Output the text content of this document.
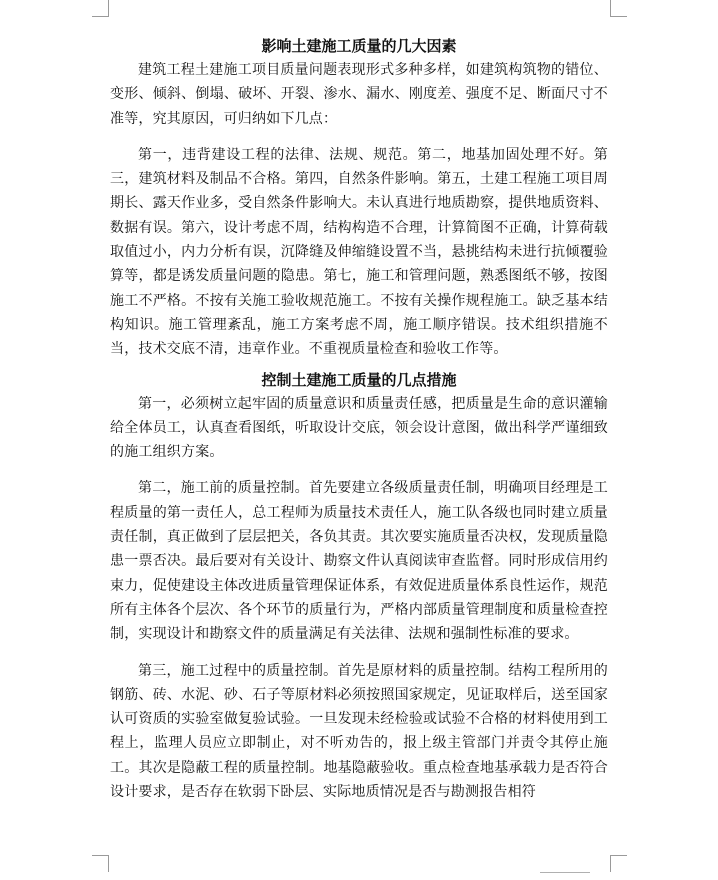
影响土建施工质量的几大因素

建筑工程土建施工项目质量问题表现形式多种多样，如建筑构筑物的错位、变形、倾斜、倒塌、破坏、开裂、渗水、漏水、刚度差、强度不足、断面尺寸不准等，究其原因，可归纳如下几点：

第一，违背建设工程的法律、法规、规范。第二，地基加固处理不好。第三，建筑材料及制品不合格。第四，自然条件影响。第五，土建工程施工项目周期长、露天作业多，受自然条件影响大。未认真进行地质勘察，提供地质资料、数据有误。第六，设计考虑不周，结构构造不合理，计算简图不正确，计算荷载取值过小，内力分析有误，沉降缝及伸缩缝设置不当，悬挑结构未进行抗倾覆验算等，都是诱发质量问题的隐患。第七，施工和管理问题，熟悉图纸不够，按图施工不严格。不按有关施工验收规范施工。不按有关操作规程施工。缺乏基本结构知识。施工管理紊乱，施工方案考虑不周，施工顺序错误。技术组织措施不当，技术交底不清，违章作业。不重视质量检查和验收工作等。

控制土建施工质量的几点措施

第一，必须树立起牢固的质量意识和质量责任感，把质量是生命的意识灌输给全体员工，认真查看图纸，听取设计交底，领会设计意图，做出科学严谨细致的施工组织方案。

第二，施工前的质量控制。首先要建立各级质量责任制，明确项目经理是工程质量的第一责任人，总工程师为质量技术责任人，施工队各级也同时建立质量责任制，真正做到了层层把关，各负其责。其次要实施质量否决权，发现质量隐患一票否决。最后要对有关设计、勘察文件认真阅读审查监督。同时形成信用约束力，促使建设主体改进质量管理保证体系，有效促进质量体系良性运作，规范所有主体各个层次、各个环节的质量行为，严格内部质量管理制度和质量检查控制，实现设计和勘察文件的质量满足有关法律、法规和强制性标准的要求。

第三，施工过程中的质量控制。首先是原材料的质量控制。结构工程所用的钢筋、砖、水泥、砂、石子等原材料必须按照国家规定，见证取样后，送至国家认可资质的实验室做复验试验。一旦发现未经检验或试验不合格的材料使用到工程上，监理人员应立即制止，对不听劝告的，报上级主管部门并责令其停止施工。其次是隐蔽工程的质量控制。地基隐蔽验收。重点检查地基承载力是否符合设计要求，是否存在软弱下卧层、实际地质情况是否与勘测报告相符
